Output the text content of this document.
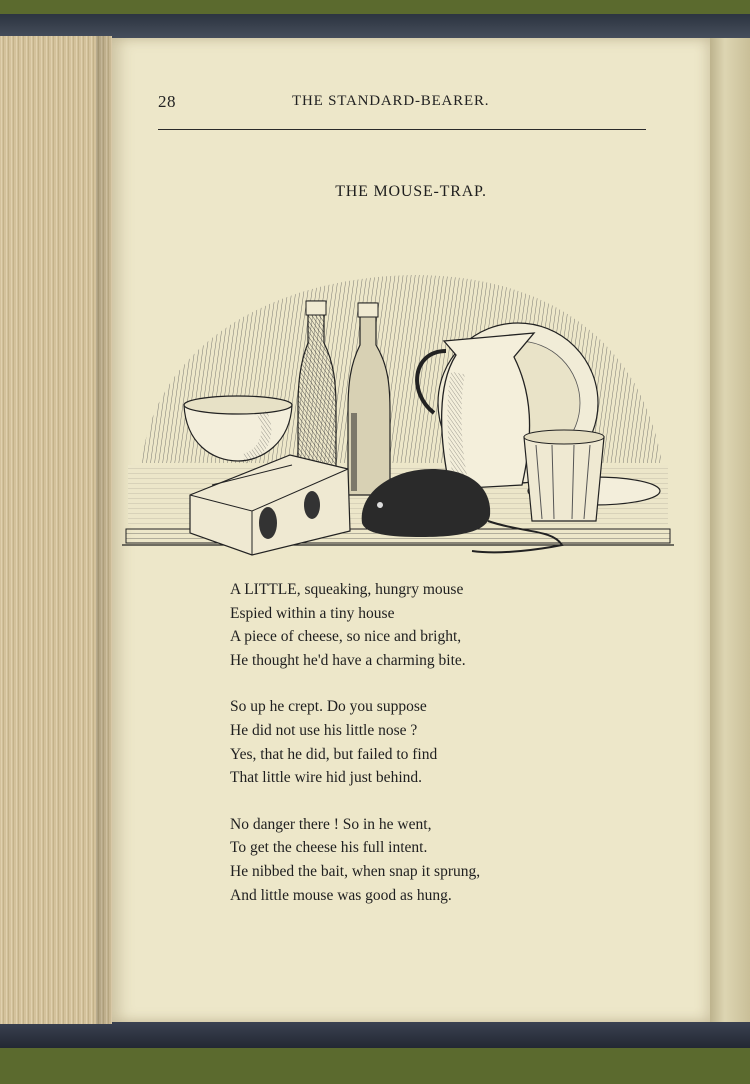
28	THE STANDARD-BEARER.
THE MOUSE-TRAP.
A LITTLE, squeaking, hungry mouse
Espied within a tiny house
A piece of cheese, so nice and bright,
He thought he'd have a charming bite.
So up he crept. Do you suppose
He did not use his little nose ?
Yes, that he did, but failed to find
That little wire hid just behind.
No danger there ! So in he went,
To get the cheese his full intent.
He nibbed the bait, when snap it sprung,
And little mouse was good as hung.
